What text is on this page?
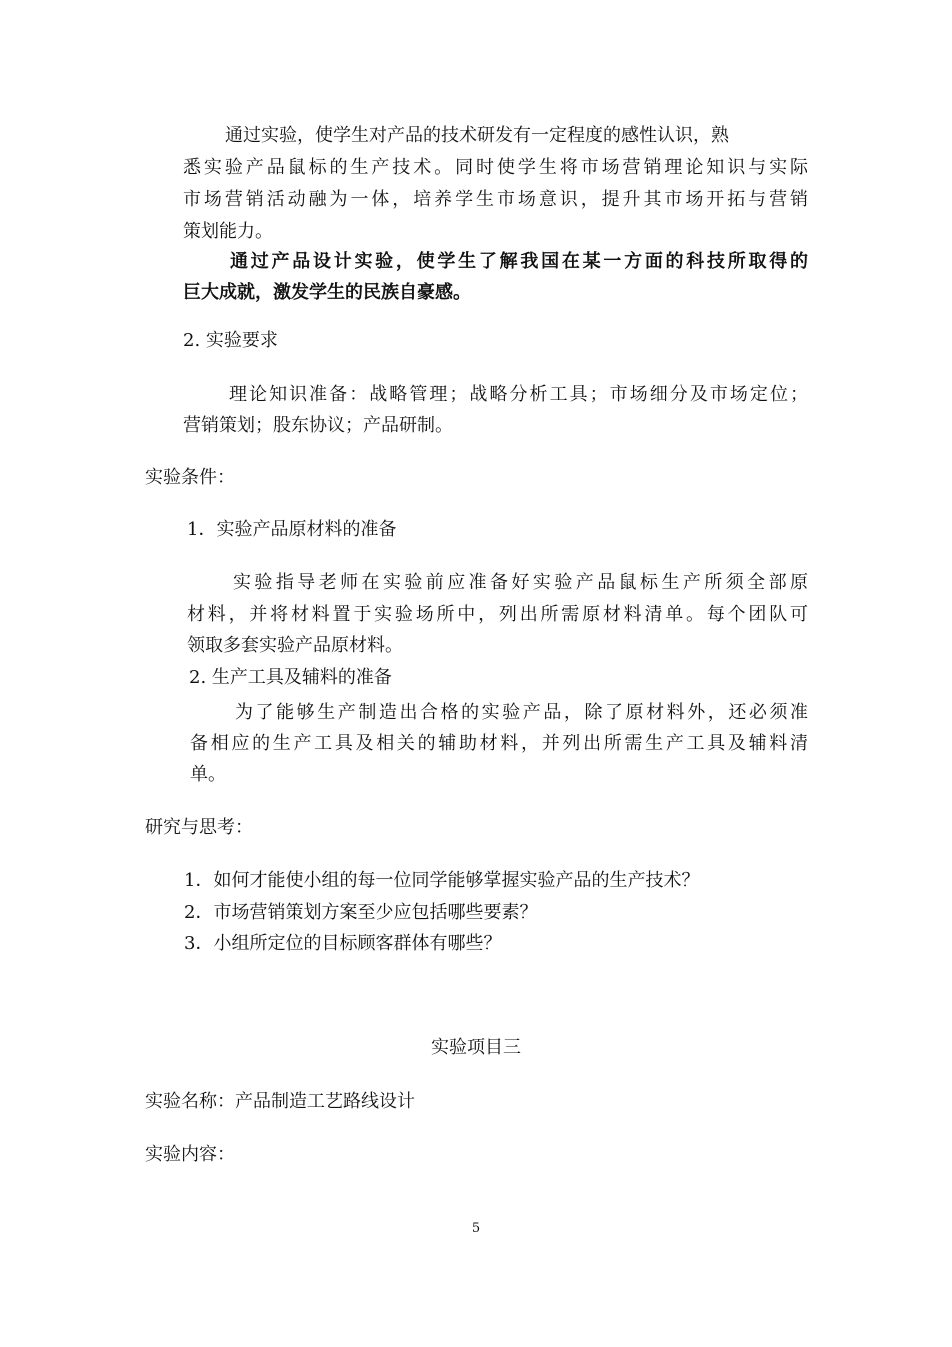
通过实验，使学生对产品的技术研发有一定程度的感性认识，熟
悉实验产品鼠标的生产技术。同时使学生将市场营销理论知识与实际
市场营销活动融为一体，培养学生市场意识，提升其市场开拓与营销
策划能力。
通过产品设计实验，使学生了解我国在某一方面的科技所取得的
巨大成就，激发学生的民族自豪感。
2. 实验要求
理论知识准备：战略管理；战略分析工具；市场细分及市场定位；
营销策划；股东协议；产品研制。
实验条件：
1．实验产品原材料的准备
实验指导老师在实验前应准备好实验产品鼠标生产所须全部原
材料，并将材料置于实验场所中，列出所需原材料清单。每个团队可
领取多套实验产品原材料。
2. 生产工具及辅料的准备
为了能够生产制造出合格的实验产品，除了原材料外，还必须准
备相应的生产工具及相关的辅助材料，并列出所需生产工具及辅料清
单。
研究与思考：
1．如何才能使小组的每一位同学能够掌握实验产品的生产技术？
2．市场营销策划方案至少应包括哪些要素？
3．小组所定位的目标顾客群体有哪些？
实验项目三
实验名称：产品制造工艺路线设计
实验内容：
5
